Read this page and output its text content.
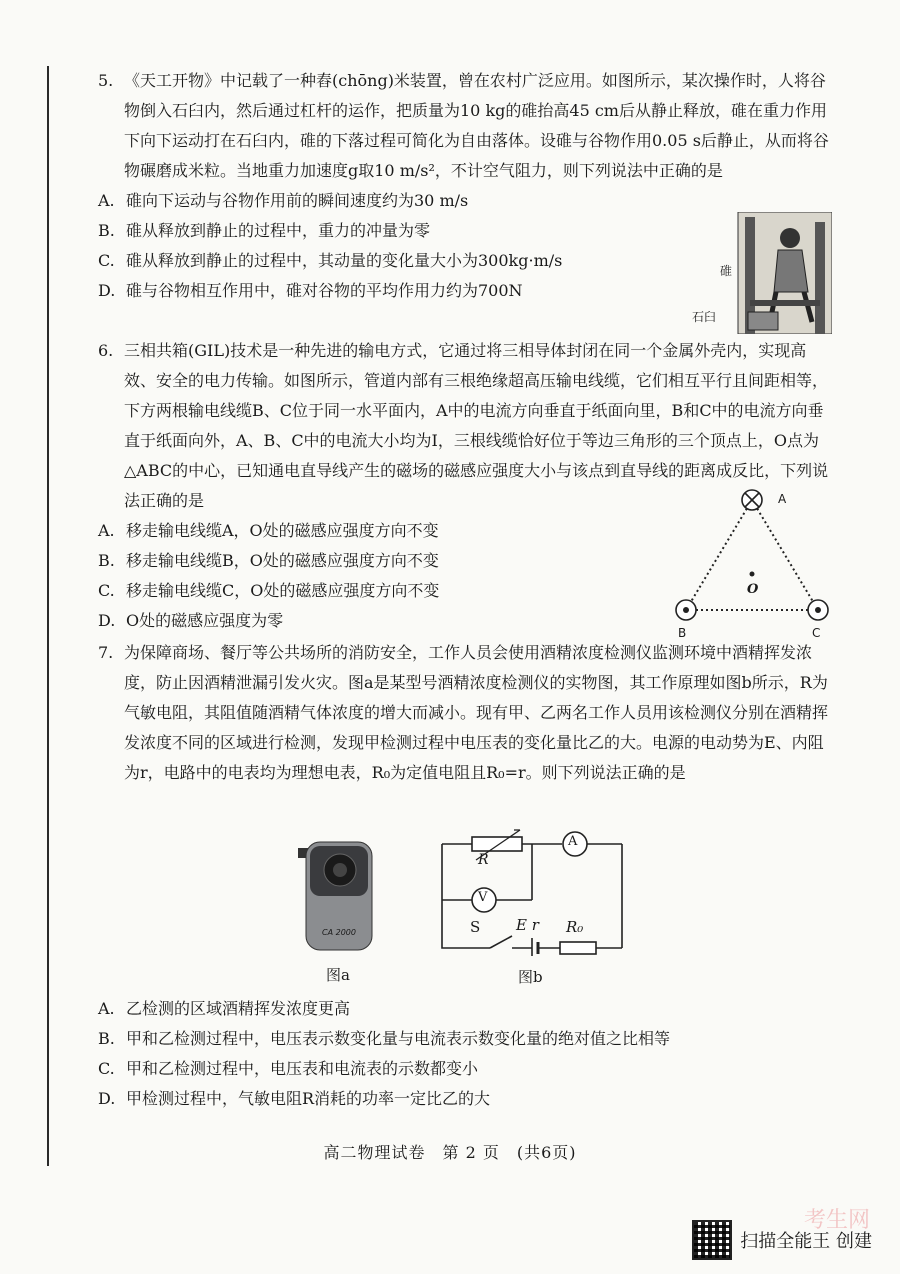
5. 《天工开物》中记载了一种舂(chōng)米装置，曾在农村广泛应用。如图所示，某次操作时，人将谷物倒入石臼内，然后通过杠杆的运作，把质量为10 kg的碓抬高45 cm后从静止释放，碓在重力作用下向下运动打在石臼内，碓的下落过程可简化为自由落体。设碓与谷物作用0.05 s后静止，从而将谷物碾磨成米粒。当地重力加速度g取10 m/s²，不计空气阻力，则下列说法中正确的是
A. 碓向下运动与谷物作用前的瞬间速度约为30 m/s
B. 碓从释放到静止的过程中，重力的冲量为零
C. 碓从释放到静止的过程中，其动量的变化量大小为300kg·m/s
D. 碓与谷物相互作用中，碓对谷物的平均作用力约为700N
碓
石臼
6. 三相共箱(GIL)技术是一种先进的输电方式，它通过将三相导体封闭在同一个金属外壳内，实现高效、安全的电力传输。如图所示，管道内部有三根绝缘超高压输电线缆，它们相互平行且间距相等，下方两根输电线缆B、C位于同一水平面内，A中的电流方向垂直于纸面向里，B和C中的电流方向垂直于纸面向外，A、B、C中的电流大小均为I，三根线缆恰好位于等边三角形的三个顶点上，O点为△ABC的中心，已知通电直导线产生的磁场的磁感应强度大小与该点到直导线的距离成反比，下列说法正确的是
A. 移走输电线缆A，O处的磁感应强度方向不变
B. 移走输电线缆B，O处的磁感应强度方向不变
C. 移走输电线缆C，O处的磁感应强度方向不变
D. O处的磁感应强度为零
A
B	C
O
7. 为保障商场、餐厅等公共场所的消防安全，工作人员会使用酒精浓度检测仪监测环境中酒精挥发浓度，防止因酒精泄漏引发火灾。图a是某型号酒精浓度检测仪的实物图，其工作原理如图b所示，R为气敏电阻，其阻值随酒精气体浓度的增大而减小。现有甲、乙两名工作人员用该检测仪分别在酒精挥发浓度不同的区域进行检测，发现甲检测过程中电压表的变化量比乙的大。电源的电动势为E、内阻为r，电路中的电表均为理想电表，R₀为定值电阻且R₀=r。则下列说法正确的是
CA 2000
图a
A
V
R
S E r R₀
图b
A. 乙检测的区域酒精挥发浓度更高
B. 甲和乙检测过程中，电压表示数变化量与电流表示数变化量的绝对值之比相等
C. 甲和乙检测过程中，电压表和电流表的示数都变小
D. 甲检测过程中，气敏电阻R消耗的功率一定比乙的大
高二物理试卷　第 2 页　(共6页)
考生网
扫描全能王 创建
